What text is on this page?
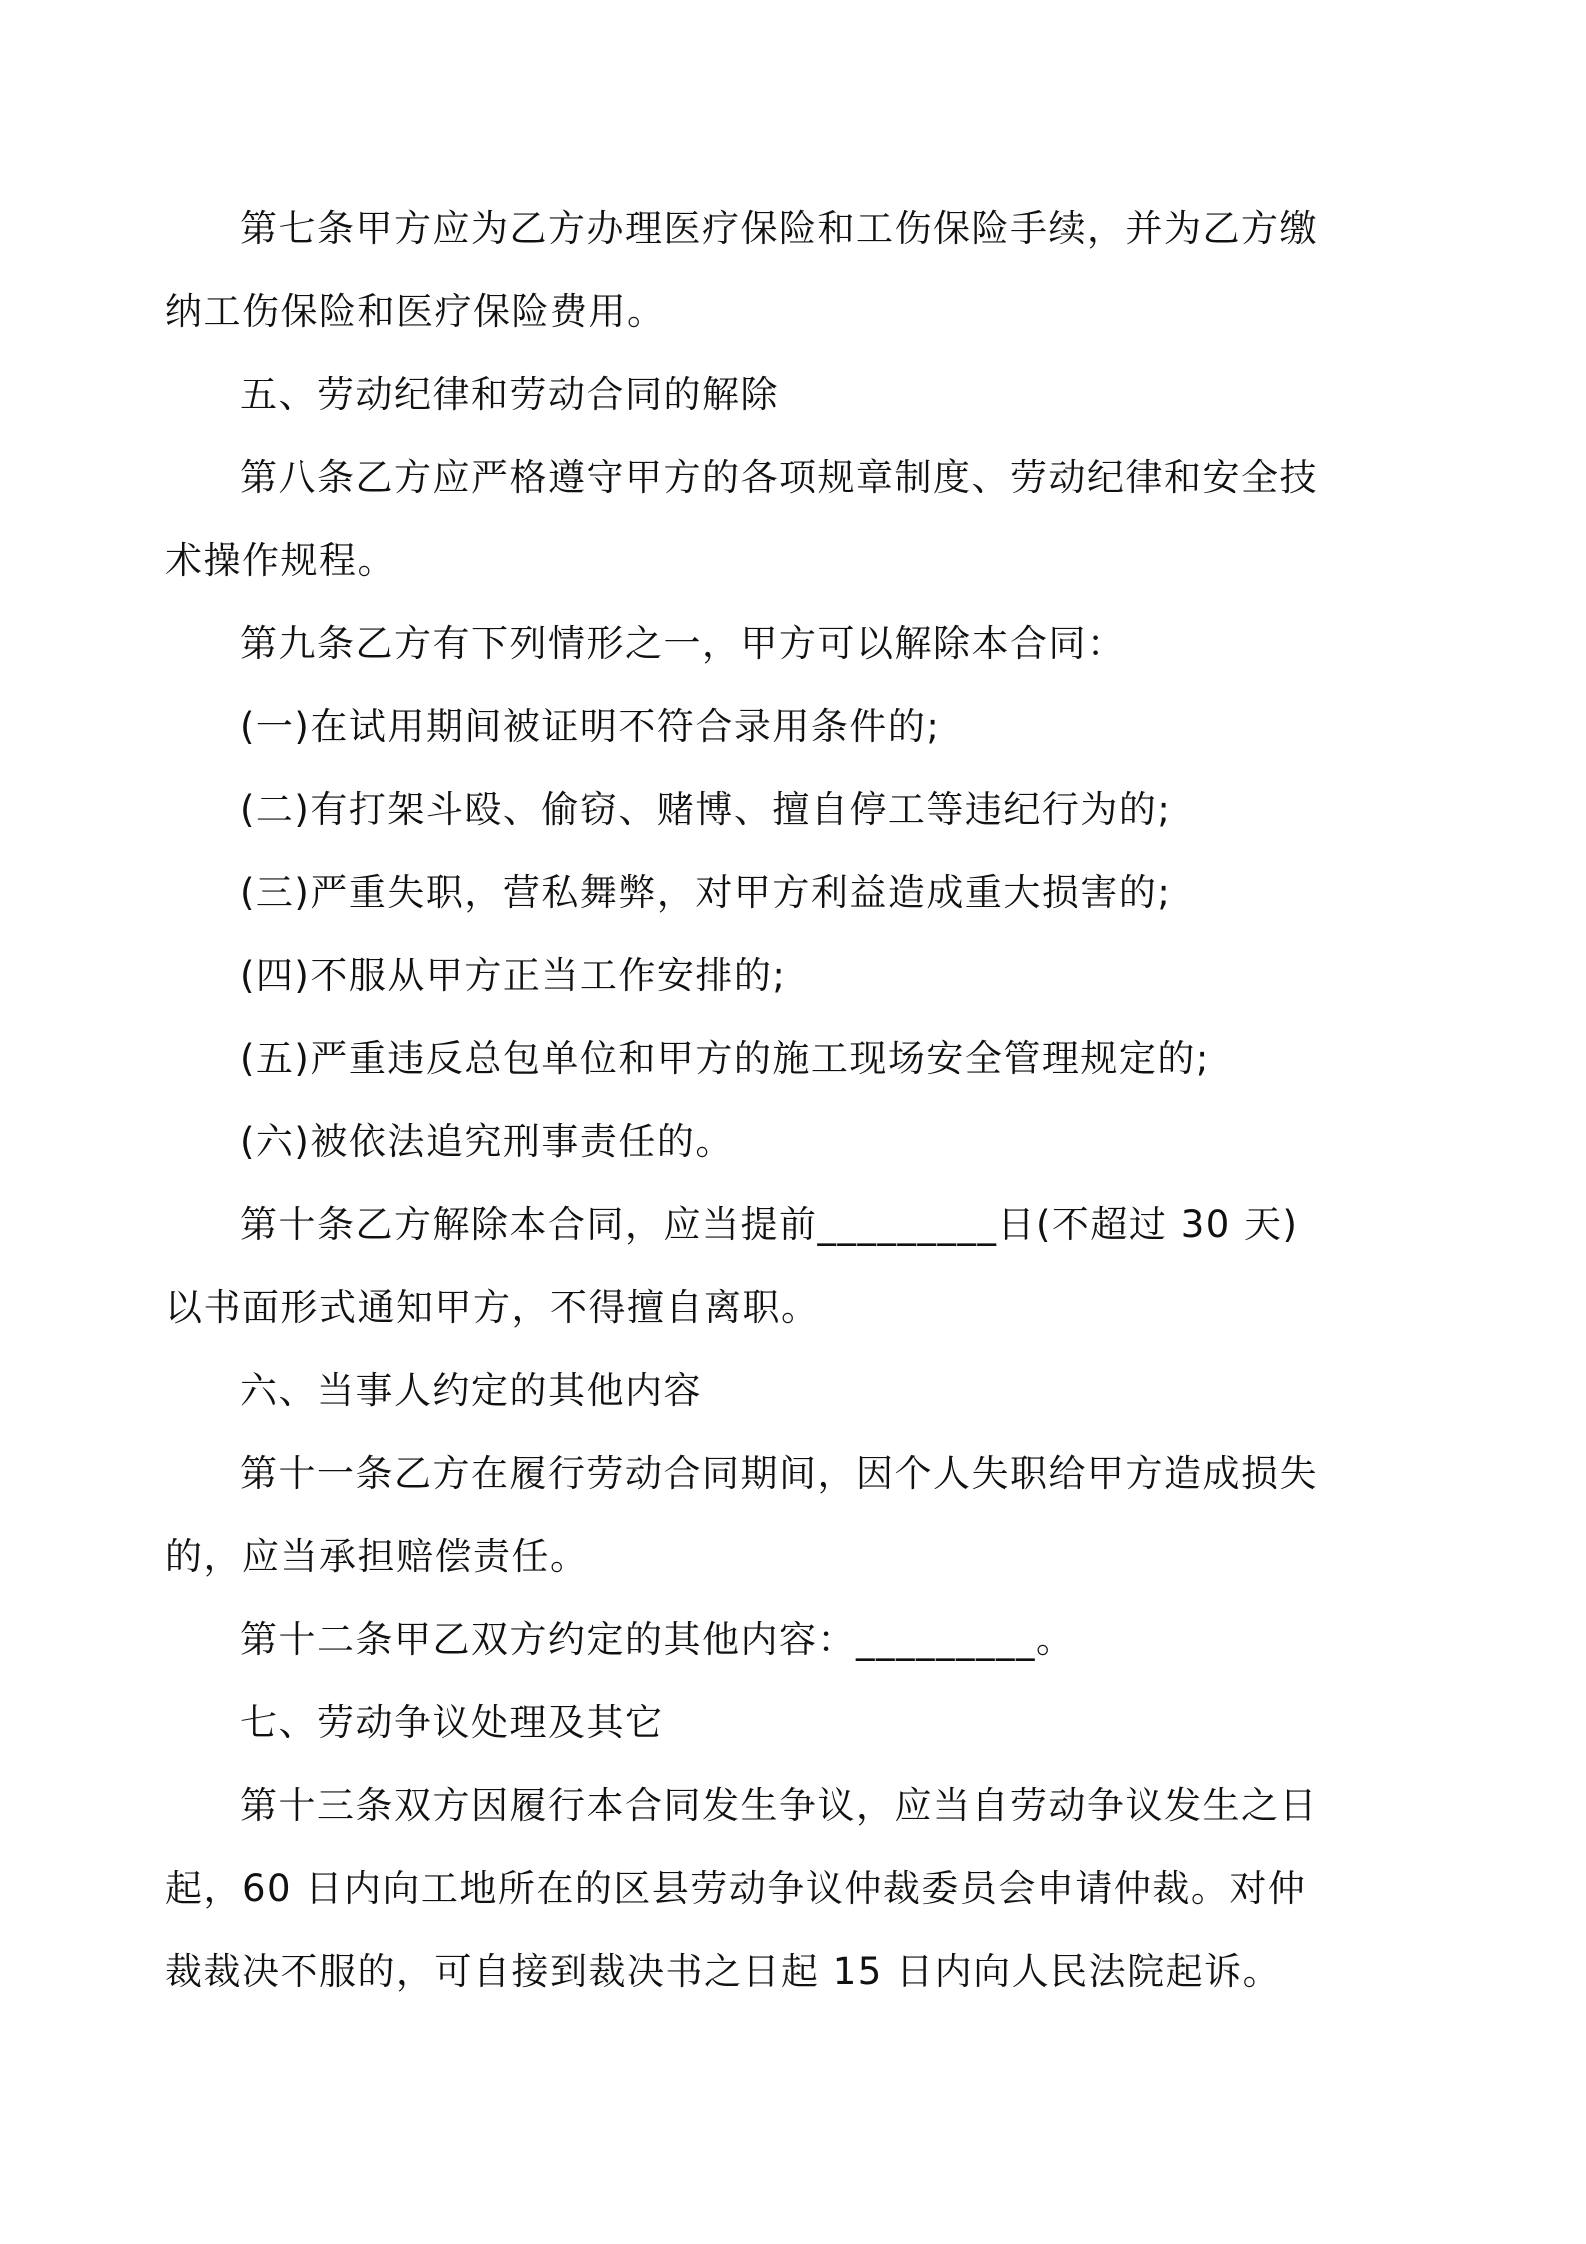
第七条甲方应为乙方办理医疗保险和工伤保险手续，并为乙方缴
纳工伤保险和医疗保险费用。

五、劳动纪律和劳动合同的解除

第八条乙方应严格遵守甲方的各项规章制度、劳动纪律和安全技
术操作规程。

第九条乙方有下列情形之一，甲方可以解除本合同：

(一)在试用期间被证明不符合录用条件的;

(二)有打架斗殴、偷窃、赌博、擅自停工等违纪行为的;

(三)严重失职，营私舞弊，对甲方利益造成重大损害的;

(四)不服从甲方正当工作安排的;

(五)严重违反总包单位和甲方的施工现场安全管理规定的;

(六)被依法追究刑事责任的。

第十条乙方解除本合同，应当提前_________日(不超过 30 天)
以书面形式通知甲方，不得擅自离职。

六、当事人约定的其他内容

第十一条乙方在履行劳动合同期间，因个人失职给甲方造成损失
的，应当承担赔偿责任。

第十二条甲乙双方约定的其他内容：_________。

七、劳动争议处理及其它

第十三条双方因履行本合同发生争议，应当自劳动争议发生之日
起，60 日内向工地所在的区县劳动争议仲裁委员会申请仲裁。对仲
裁裁决不服的，可自接到裁决书之日起 15 日内向人民法院起诉。
